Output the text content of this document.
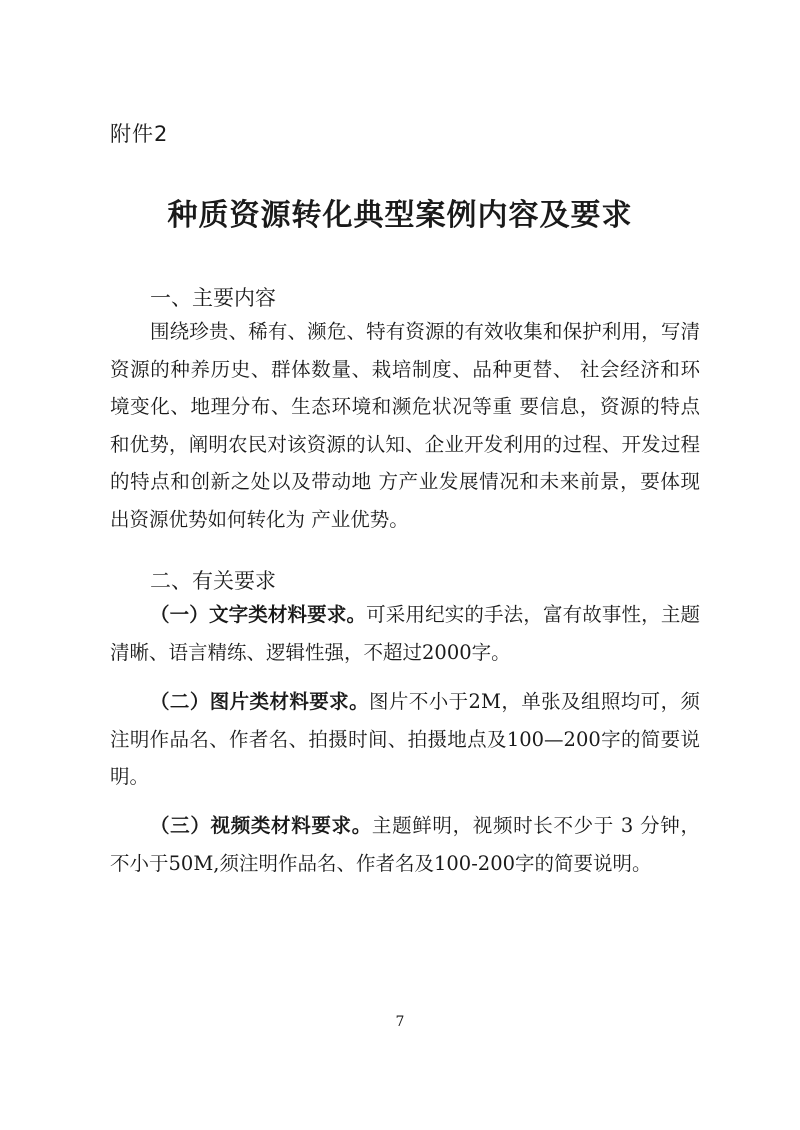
附件2
种质资源转化典型案例内容及要求
一、主要内容

围绕珍贵、稀有、濒危、特有资源的有效收集和保护利用，写清资源的种养历史、群体数量、栽培制度、品种更替、 社会经济和环境变化、地理分布、生态环境和濒危状况等重 要信息，资源的特点和优势，阐明农民对该资源的认知、企业开发利用的过程、开发过程的特点和创新之处以及带动地 方产业发展情况和未来前景，要体现出资源优势如何转化为 产业优势。

二、有关要求

（一）文字类材料要求。可采用纪实的手法，富有故事性，主题清晰、语言精练、逻辑性强，不超过2000字。

（二）图片类材料要求。图片不小于2M，单张及组照均可，须注明作品名、作者名、拍摄时间、拍摄地点及100—200字的简要说明。

（三）视频类材料要求。主题鲜明，视频时长不少于 3 分钟，不小于50M,须注明作品名、作者名及100-200字的简要说明。

7
